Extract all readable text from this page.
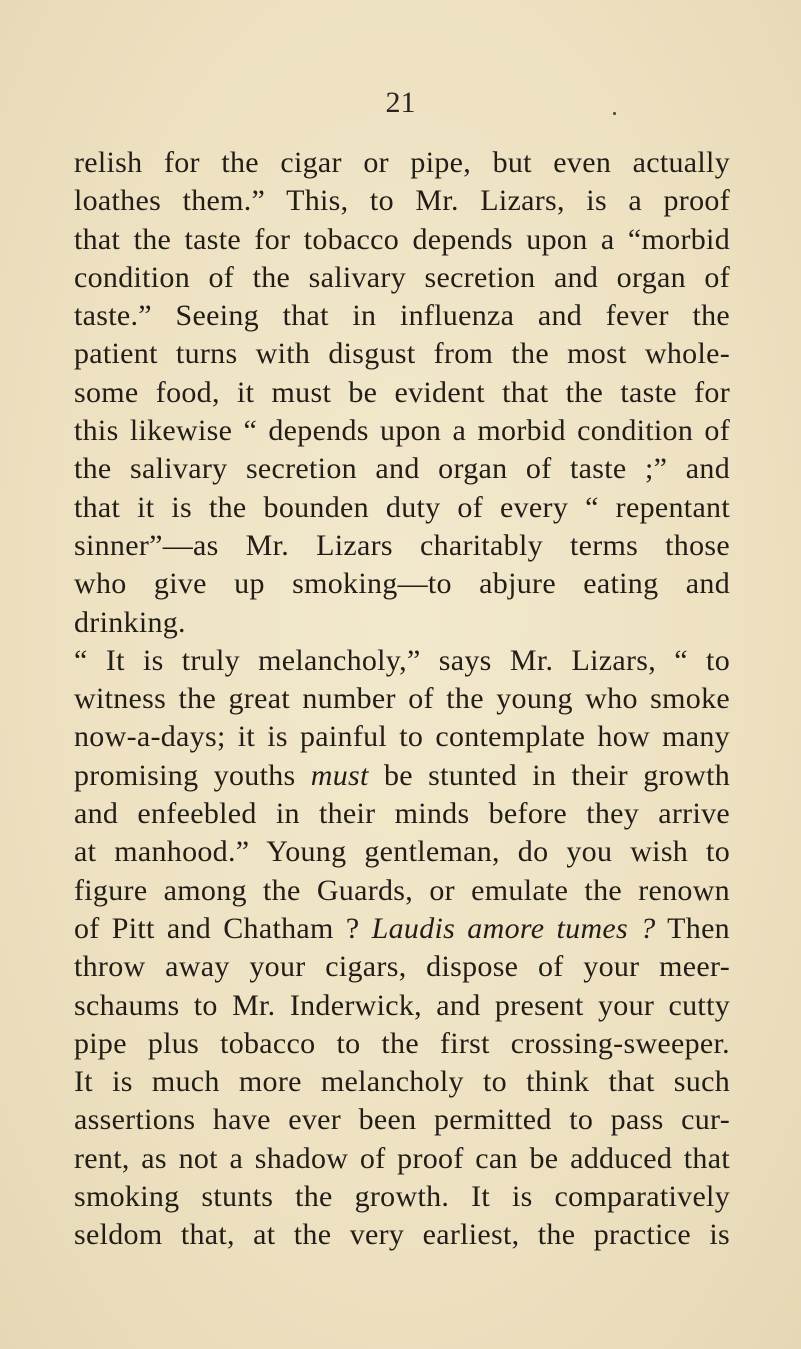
21
relish for the cigar or pipe, but even actually
loathes them.” This, to Mr. Lizars, is a proof
that the taste for tobacco depends upon a “morbid
condition of the salivary secretion and organ of
taste.” Seeing that in influenza and fever the
patient turns with disgust from the most whole-
some food, it must be evident that the taste for
this likewise “ depends upon a morbid condition of
the salivary secretion and organ of taste ;” and
that it is the bounden duty of every “ repentant
sinner”—as Mr. Lizars charitably terms those
who give up smoking—to abjure eating and
drinking.
“ It is truly melancholy,” says Mr. Lizars, “ to
witness the great number of the young who smoke
now-a-days; it is painful to contemplate how many
promising youths must be stunted in their growth
and enfeebled in their minds before they arrive
at manhood.” Young gentleman, do you wish to
figure among the Guards, or emulate the renown
of Pitt and Chatham ? Laudis amore tumes ? Then
throw away your cigars, dispose of your meer-
schaums to Mr. Inderwick, and present your cutty
pipe plus tobacco to the first crossing-sweeper.
It is much more melancholy to think that such
assertions have ever been permitted to pass cur-
rent, as not a shadow of proof can be adduced that
smoking stunts the growth. It is comparatively
seldom that, at the very earliest, the practice is
